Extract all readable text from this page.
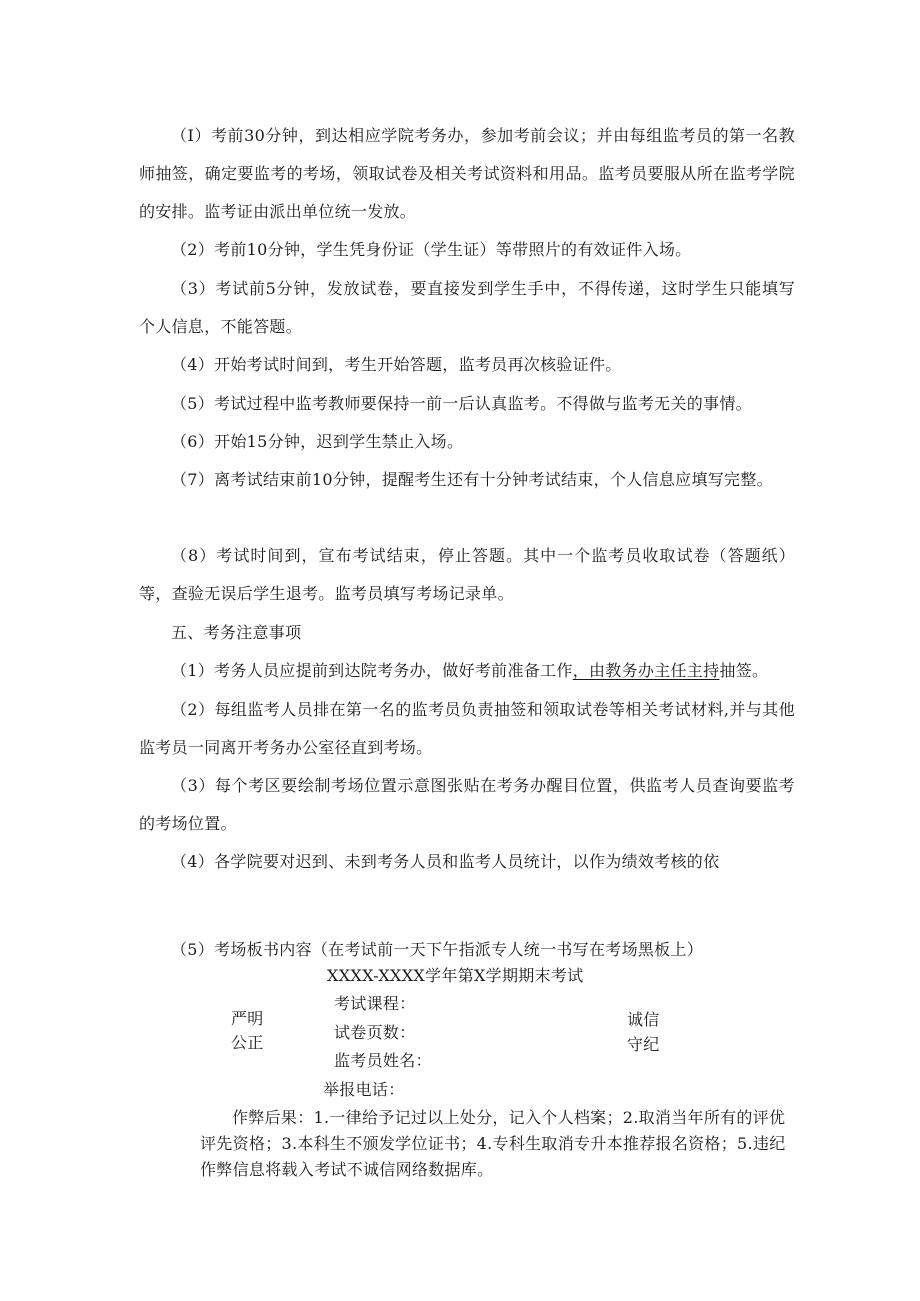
（I）考前30分钟，到达相应学院考务办，参加考前会议；并由每组监考员的第一名教师抽签，确定要监考的考场，领取试卷及相关考试资料和用品。监考员要服从所在监考学院的安排。监考证由派出单位统一发放。

（2）考前10分钟，学生凭身份证（学生证）等带照片的有效证件入场。

（3）考试前5分钟，发放试卷，要直接发到学生手中，不得传递，这时学生只能填写个人信息，不能答题。

（4）开始考试时间到，考生开始答题，监考员再次核验证件。

（5）考试过程中监考教师要保持一前一后认真监考。不得做与监考无关的事情。

（6）开始15分钟，迟到学生禁止入场。

（7）离考试结束前10分钟，提醒考生还有十分钟考试结束，个人信息应填写完整。

（8）考试时间到，宣布考试结束，停止答题。其中一个监考员收取试卷（答题纸）等，查验无误后学生退考。监考员填写考场记录单。

五、考务注意事项

（1）考务人员应提前到达院考务办，做好考前准备工作，由教务办主任主持抽签。

（2）每组监考人员排在第一名的监考员负责抽签和领取试卷等相关考试材料,并与其他监考员一同离开考务办公室径直到考场。

（3）每个考区要绘制考场位置示意图张贴在考务办醒目位置，供监考人员查询要监考的考场位置。

（4）各学院要对迟到、未到考务人员和监考人员统计，以作为绩效考核的依

（5）考场板书内容（在考试前一天下午指派专人统一书写在考场黑板上）

XXXX-XXXX学年第X学期期末考试
考试课程：
严明	诚信
试卷页数：
公正	守纪
监考员姓名：
举报电话：

作弊后果：1.一律给予记过以上处分，记入个人档案；2.取消当年所有的评优评先资格；3.本科生不颁发学位证书；4.专科生取消专升本推荐报名资格；5.违纪作弊信息将载入考试不诚信网络数据库。
